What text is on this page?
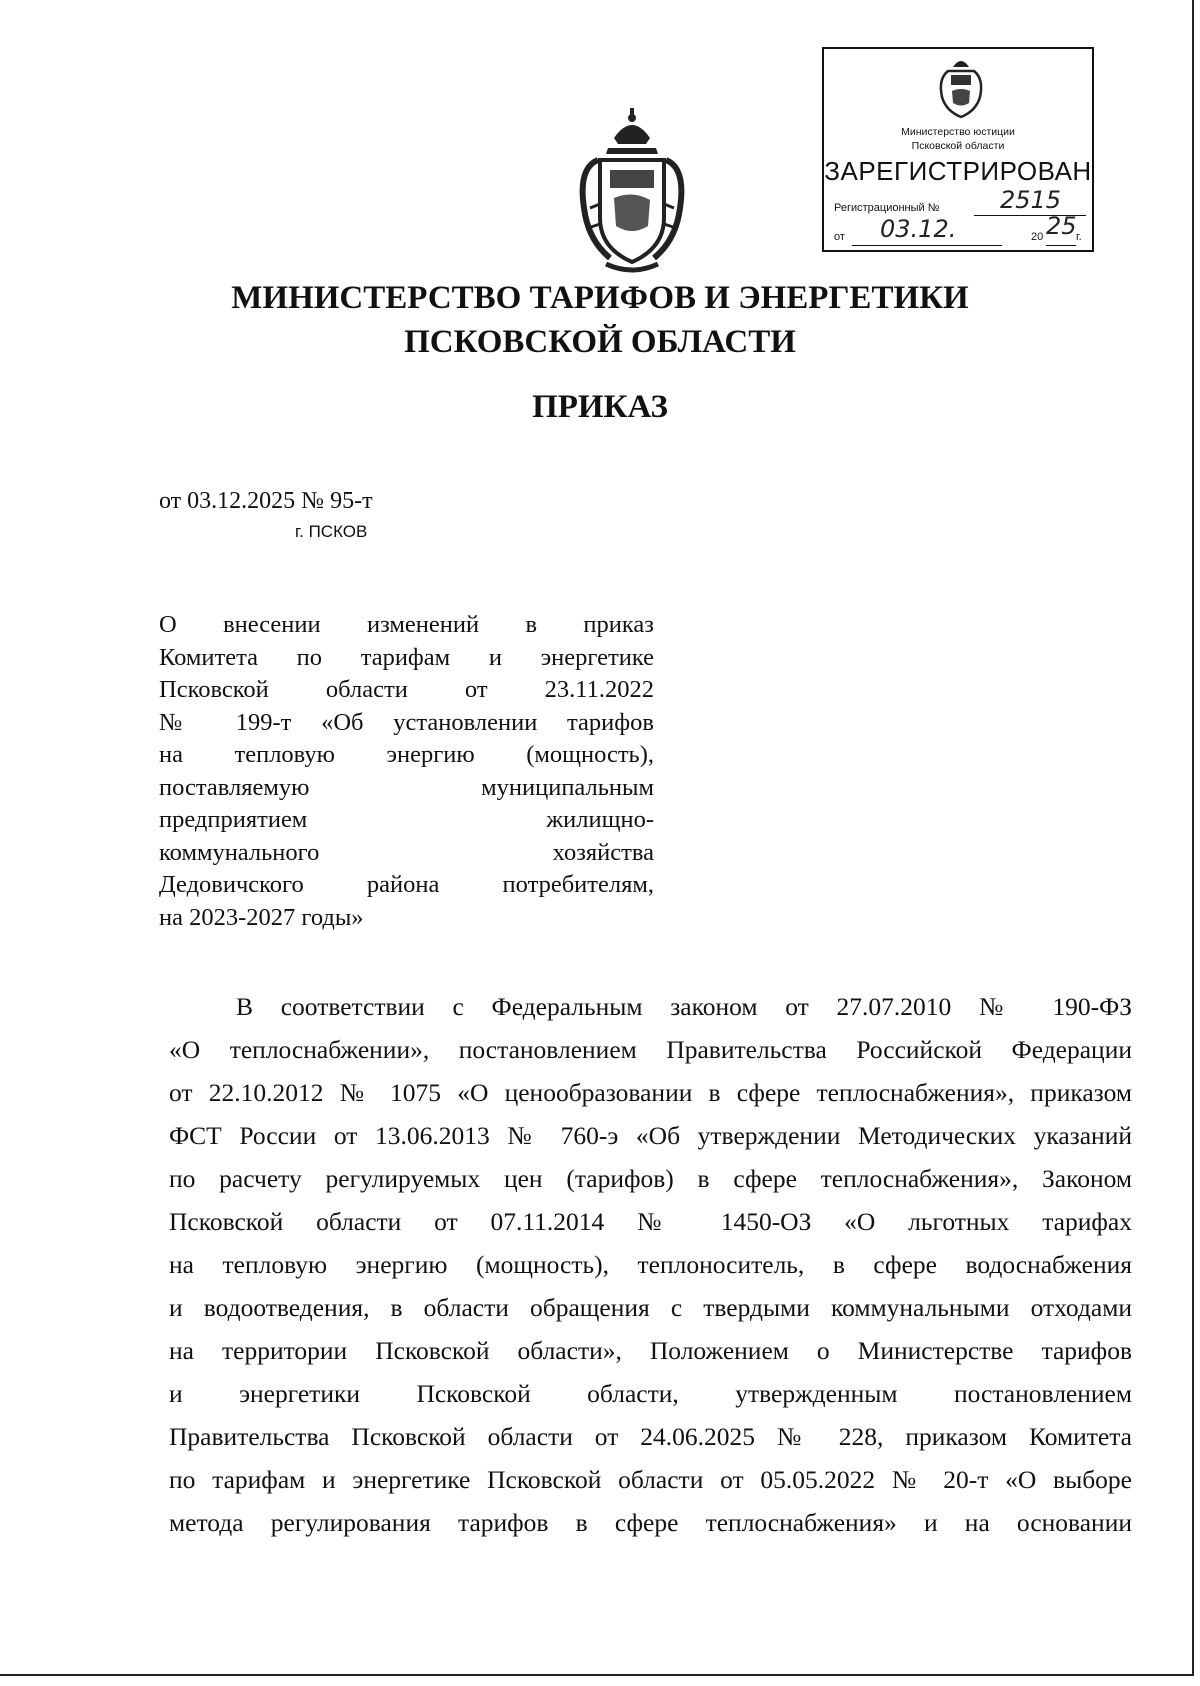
Министерство юстиции
Псковской области
ЗАРЕГИСТРИРОВАН
Регистрационный №	2515
от 03.12.	20 25 г.
МИНИСТЕРСТВО ТАРИФОВ И ЭНЕРГЕТИКИ
ПСКОВСКОЙ ОБЛАСТИ
ПРИКАЗ
от 03.12.2025 № 95-т
г. ПСКОВ
О внесении изменений в приказ
Комитета по тарифам и энергетике
Псковской области от 23.11.2022
№ 199-т «Об установлении тарифов
на тепловую энергию (мощность),
поставляемую муниципальным
предприятием жилищно-
коммунального хозяйства
Дедовичского района потребителям,
на 2023-2027 годы»
В соответствии с Федеральным законом от 27.07.2010 № 190-ФЗ
«О теплоснабжении», постановлением Правительства Российской Федерации
от 22.10.2012 № 1075 «О ценообразовании в сфере теплоснабжения», приказом
ФСТ России от 13.06.2013 № 760-э «Об утверждении Методических указаний
по расчету регулируемых цен (тарифов) в сфере теплоснабжения», Законом
Псковской области от 07.11.2014 № 1450-ОЗ «О льготных тарифах
на тепловую энергию (мощность), теплоноситель, в сфере водоснабжения
и водоотведения, в области обращения с твердыми коммунальными отходами
на территории Псковской области», Положением о Министерстве тарифов
и энергетики Псковской области, утвержденным постановлением
Правительства Псковской области от 24.06.2025 № 228, приказом Комитета
по тарифам и энергетике Псковской области от 05.05.2022 № 20-т «О выборе
метода регулирования тарифов в сфере теплоснабжения» и на основании
